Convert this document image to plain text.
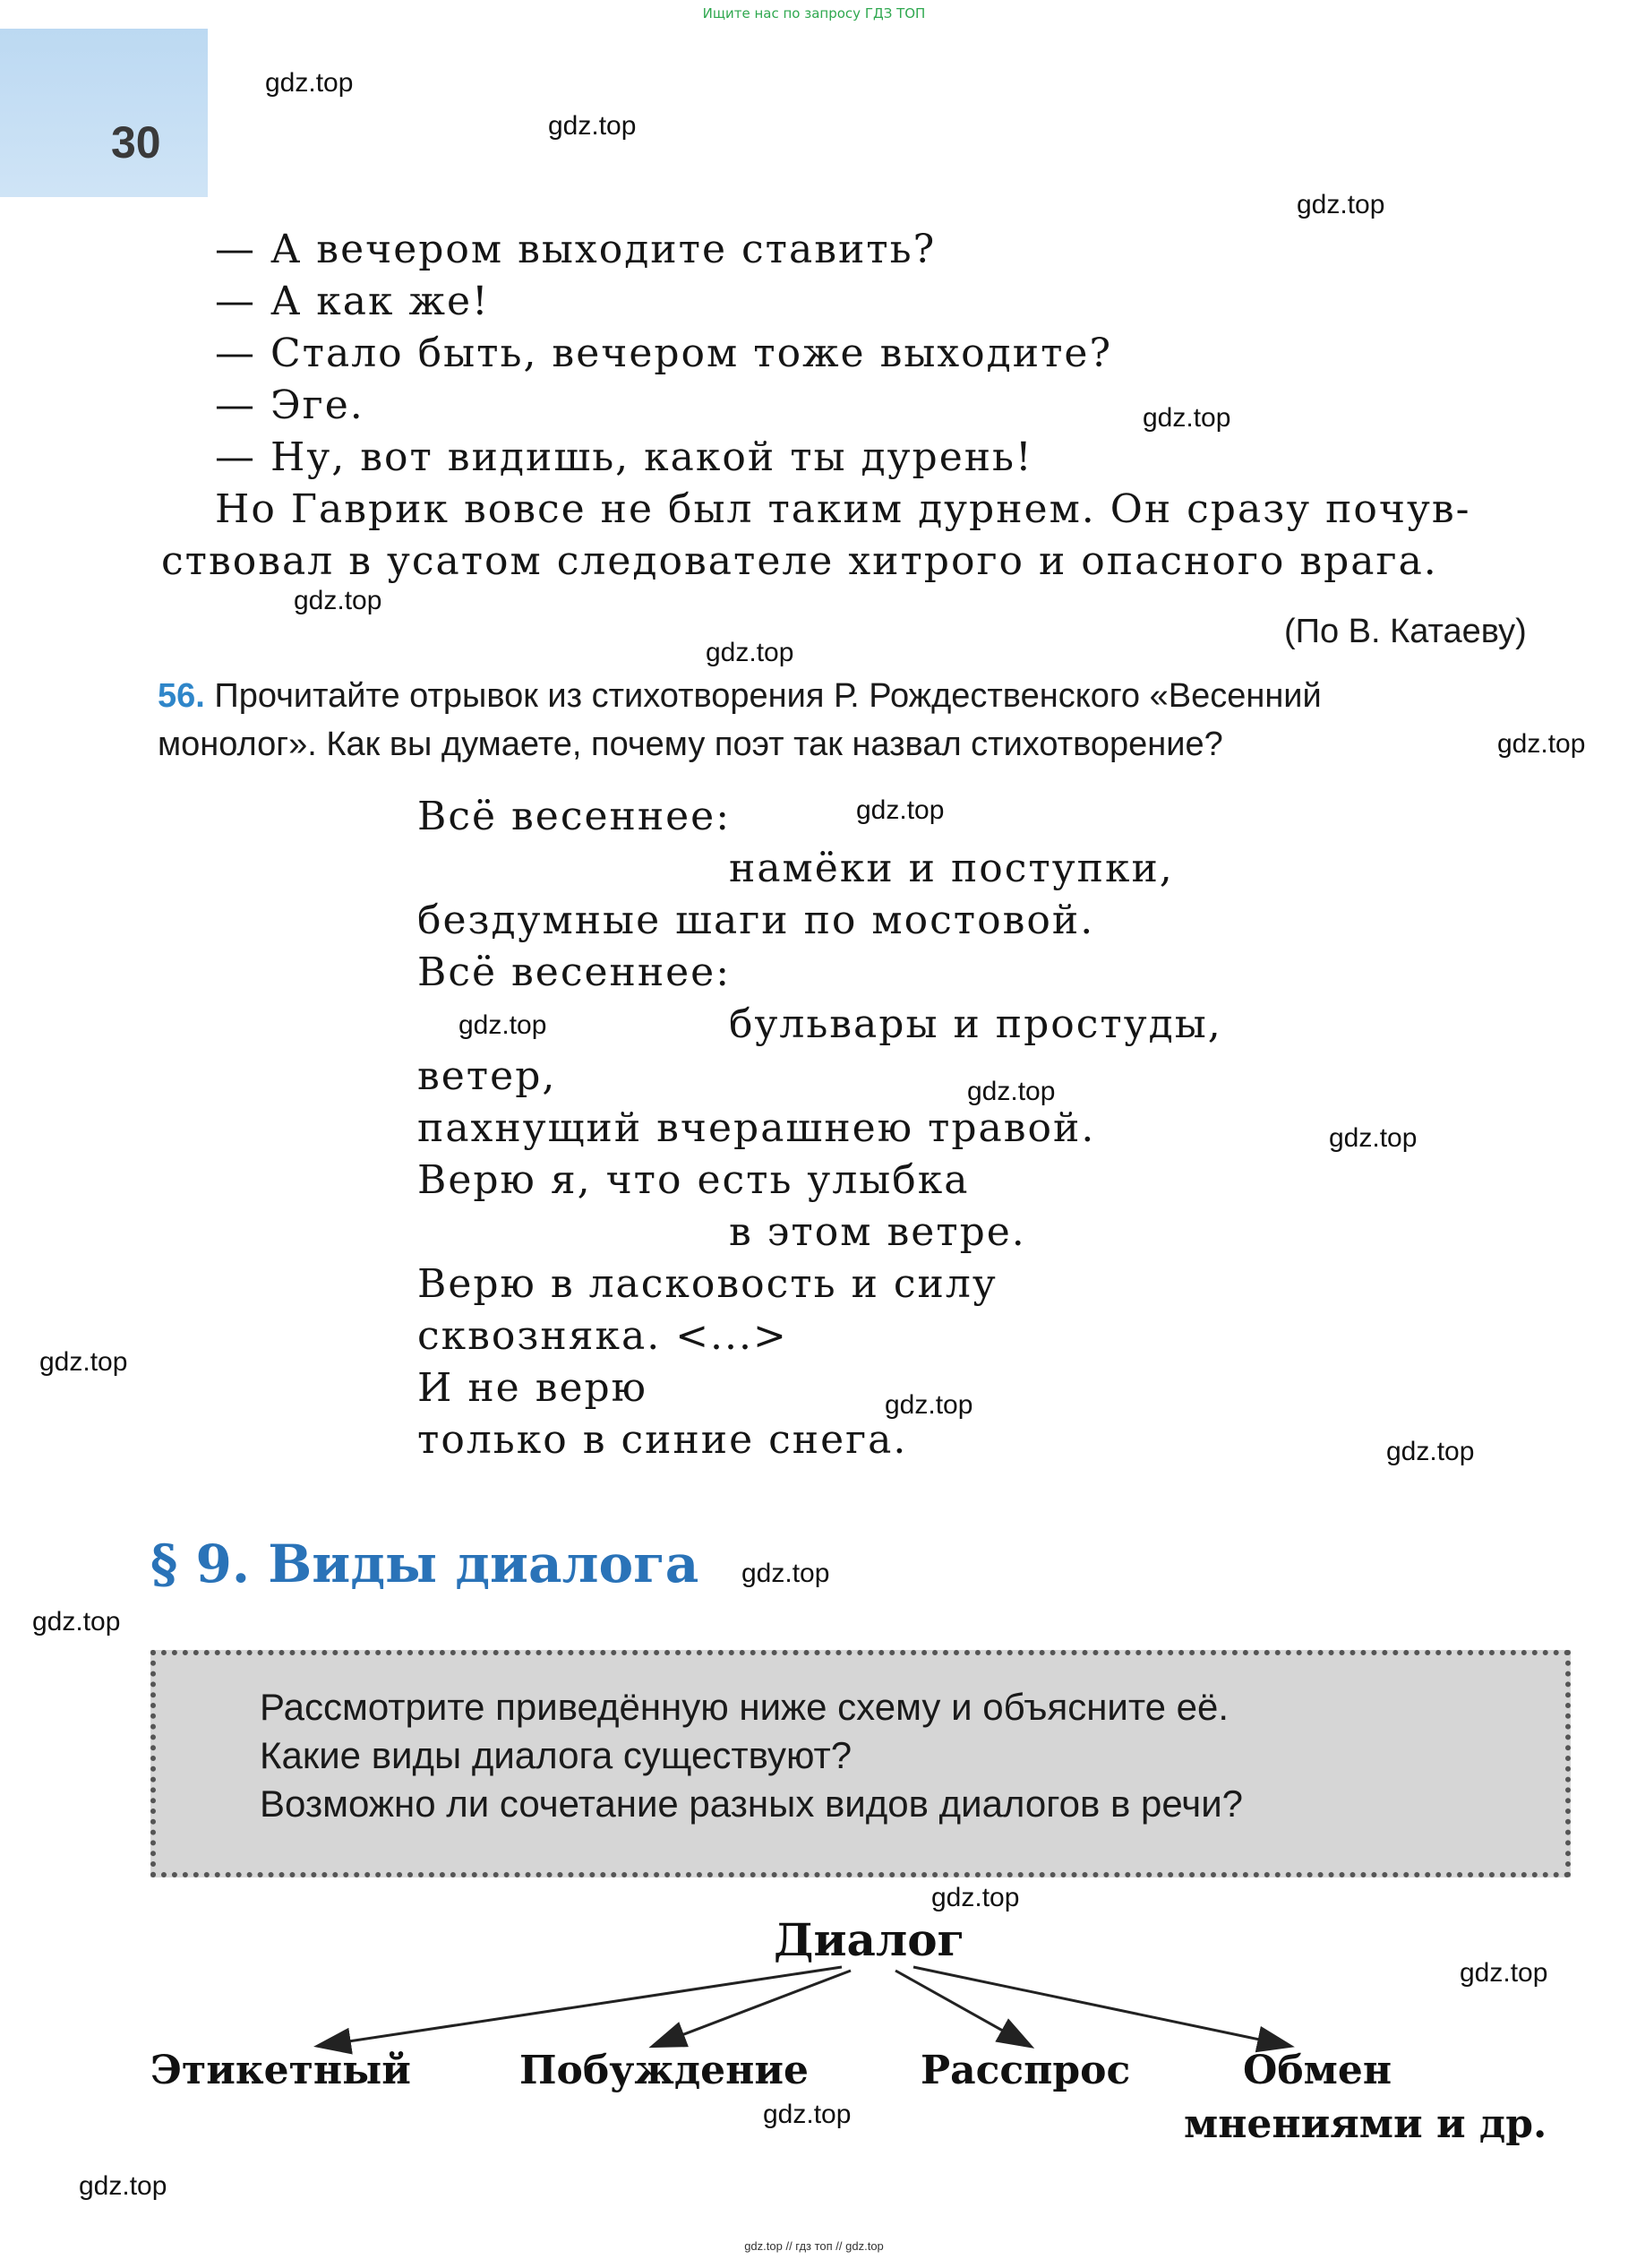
Ищите нас по запросу ГДЗ ТОП
30
— А вечером выходите ставить?
— А как же!
— Стало быть, вечером тоже выходите?
— Эге.
— Ну, вот видишь, какой ты дурень!
Но Гаврик вовсе не был таким дурнем. Он сразу почув-
ствовал в усатом следователе хитрого и опасного врага.
(По В. Катаеву)
56. Прочитайте отрывок из стихотворения Р. Рождественского «Весенний
монолог». Как вы думаете, почему поэт так назвал стихотворение?
Всё весеннее:
намёки и поступки,
бездумные шаги по мостовой.
Всё весеннее:
бульвары и простуды,
ветер,
пахнущий вчерашнею травой.
Верю я, что есть улыбка
в этом ветре.
Верю в ласковость и силу
сквозняка. <...>
И не верю
только в синие снега.
§ 9. Виды диалога
Рассмотрите приведённую ниже схему и объясните её.
Какие виды диалога существуют?
Возможно ли сочетание разных видов диалогов в речи?
Диалог
Этикетный	Побуждение	Расспрос	Обмен
мнениями и др.
gdz.top
gdz.top
gdz.top
gdz.top
gdz.top
gdz.top
gdz.top
gdz.top
gdz.top
gdz.top
gdz.top
gdz.top
gdz.top
gdz.top
gdz.top
gdz.top
gdz.top
gdz.top
gdz.top
gdz.top
gdz.top // гдз топ // gdz.top
